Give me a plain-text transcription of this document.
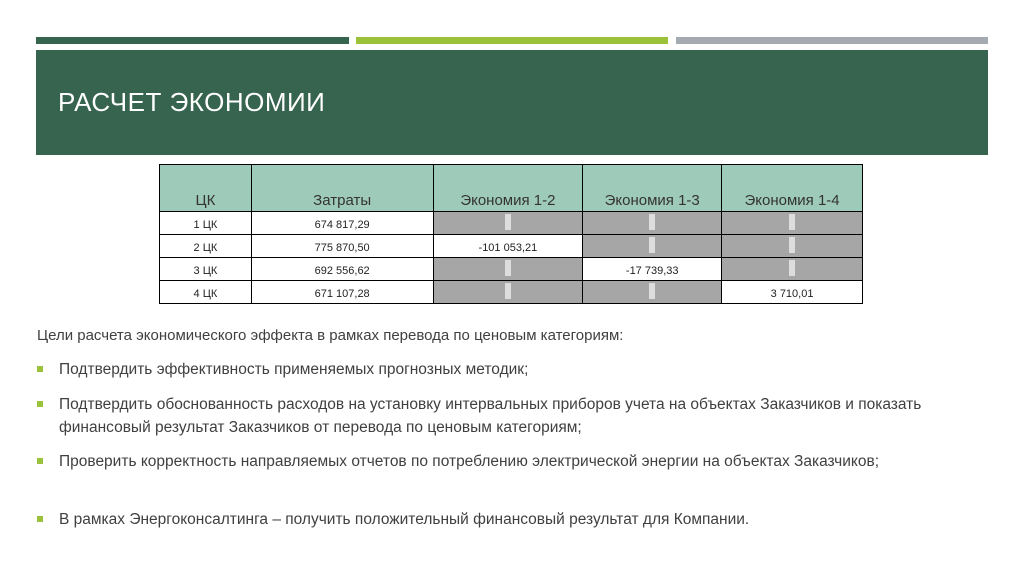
РАСЧЕТ ЭКОНОМИИ
ЦК	Затраты	Экономия 1-2	Экономия 1-3	Экономия 1-4
1 ЦК	674 817,29	

2 ЦК	775 870,50	-101 053,21	

3 ЦК	692 556,62		-17 739,33	

4 ЦК	671 107,28			3 710,01
Цели расчета экономического эффекта в рамках перевода по ценовым категориям:
Подтвердить эффективность применяемых прогнозных методик;
Подтвердить обоснованность расходов на установку интервальных приборов учета на объектах Заказчиков и показать финансовый результат Заказчиков от перевода по ценовым категориям;
Проверить корректность направляемых отчетов по потреблению электрической энергии на объектах Заказчиков;
В рамках Энергоконсалтинга – получить положительный финансовый результат для Компании.
